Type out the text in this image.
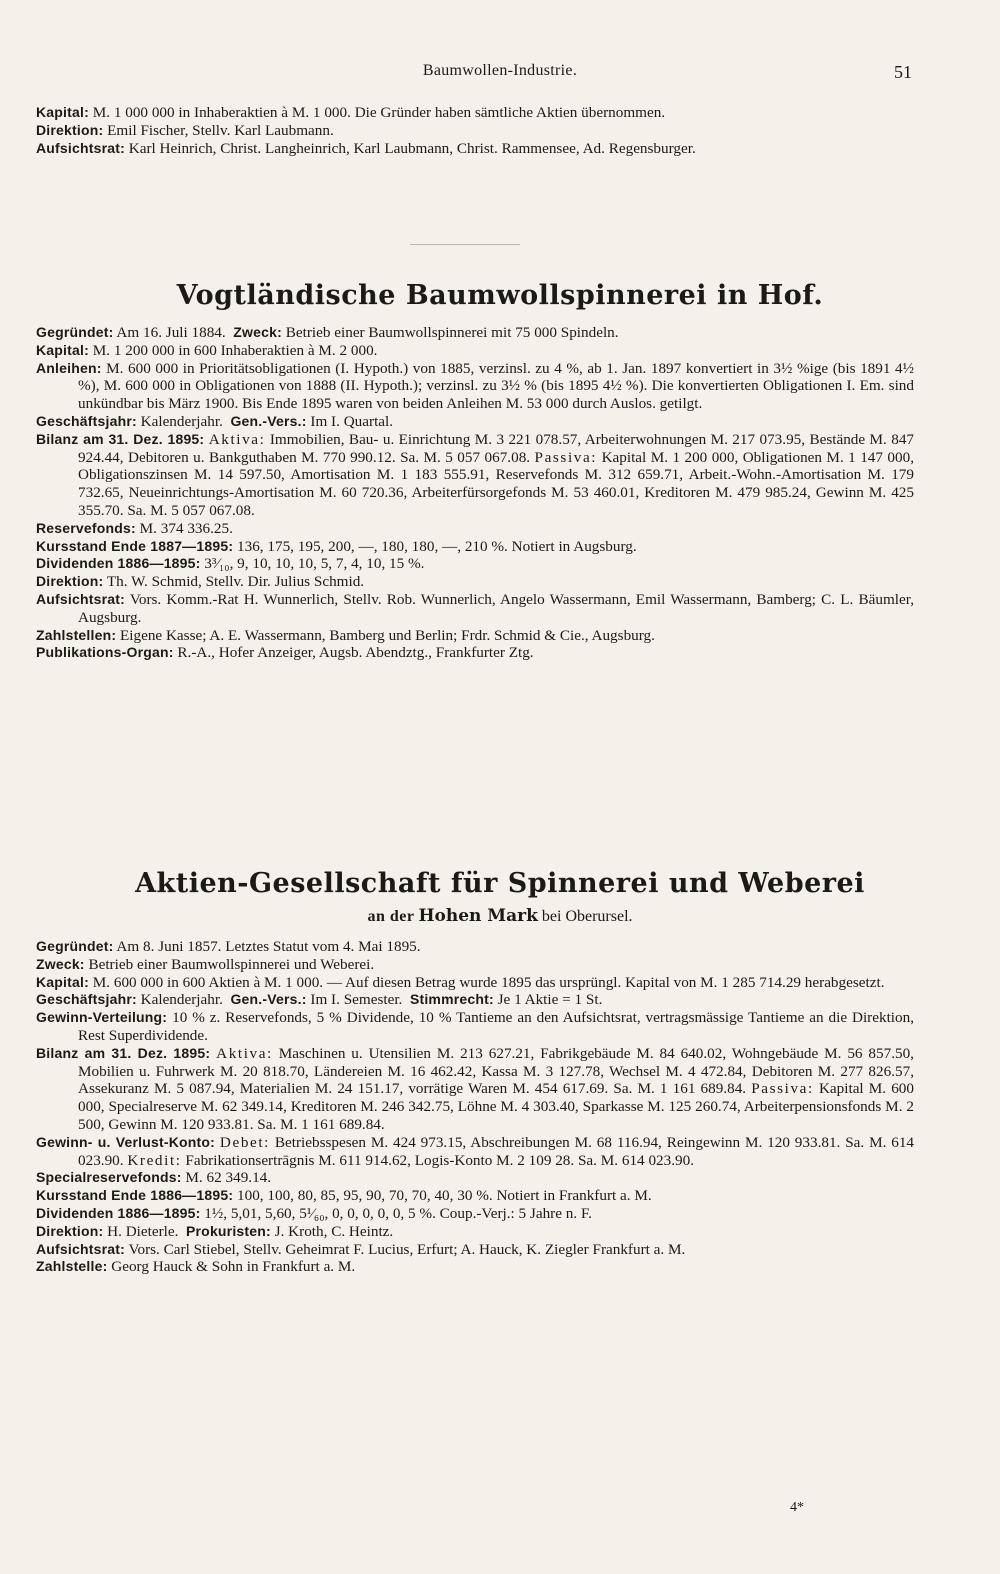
Baumwollen-Industrie.	51

Kapital: M. 1 000 000 in Inhaberaktien à M. 1 000. Die Gründer haben sämtliche Aktien übernommen.

Direktion: Emil Fischer, Stellv. Karl Laubmann.

Aufsichtsrat: Karl Heinrich, Christ. Langheinrich, Karl Laubmann, Christ. Rammensee, Ad. Regensburger.

Vogtländische Baumwollspinnerei in Hof.

Gegründet: Am 16. Juli 1884. Zweck: Betrieb einer Baumwollspinnerei mit 75 000 Spindeln.

Kapital: M. 1 200 000 in 600 Inhaberaktien à M. 2 000.

Anleihen: M. 600 000 in Prioritätsobligationen (I. Hypoth.) von 1885, verzinsl. zu 4 %, ab 1. Jan. 1897 konvertiert in 3½ %ige (bis 1891 4½ %), M. 600 000 in Obligationen von 1888 (II. Hypoth.); verzinsl. zu 3½ % (bis 1895 4½ %). Die konvertierten Obligationen I. Em. sind unkündbar bis März 1900. Bis Ende 1895 waren von beiden Anleihen M. 53 000 durch Auslos. getilgt.

Geschäftsjahr: Kalenderjahr. Gen.-Vers.: Im I. Quartal.

Bilanz am 31. Dez. 1895: Aktiva: Immobilien, Bau- u. Einrichtung M. 3 221 078.57, Arbeiterwohnungen M. 217 073.95, Bestände M. 847 924.44, Debitoren u. Bankguthaben M. 770 990.12. Sa. M. 5 057 067.08. Passiva: Kapital M. 1 200 000, Obligationen M. 1 147 000, Obligationszinsen M. 14 597.50, Amortisation M. 1 183 555.91, Reservefonds M. 312 659.71, Arbeit.-Wohn.-Amortisation M. 179 732.65, Neueinrichtungs-Amortisation M. 60 720.36, Arbeiterfürsorgefonds M. 53 460.01, Kreditoren M. 479 985.24, Gewinn M. 425 355.70. Sa. M. 5 057 067.08.

Reservefonds: M. 374 336.25.

Kursstand Ende 1887—1895: 136, 175, 195, 200, —, 180, 180, —, 210 %. Notiert in Augsburg.

Dividenden 1886—1895: 3³⁄₁₀, 9, 10, 10, 10, 5, 7, 4, 10, 15 %.

Direktion: Th. W. Schmid, Stellv. Dir. Julius Schmid.

Aufsichtsrat: Vors. Komm.-Rat H. Wunnerlich, Stellv. Rob. Wunnerlich, Angelo Wassermann, Emil Wassermann, Bamberg; C. L. Bäumler, Augsburg.

Zahlstellen: Eigene Kasse; A. E. Wassermann, Bamberg und Berlin; Frdr. Schmid & Cie., Augsburg.

Publikations-Organ: R.-A., Hofer Anzeiger, Augsb. Abendztg., Frankfurter Ztg.

Aktien-Gesellschaft für Spinnerei und Weberei
an der Hohen Mark bei Oberursel.

Gegründet: Am 8. Juni 1857. Letztes Statut vom 4. Mai 1895.

Zweck: Betrieb einer Baumwollspinnerei und Weberei.

Kapital: M. 600 000 in 600 Aktien à M. 1 000. — Auf diesen Betrag wurde 1895 das ursprüngl. Kapital von M. 1 285 714.29 herabgesetzt.

Geschäftsjahr: Kalenderjahr. Gen.-Vers.: Im I. Semester. Stimmrecht: Je 1 Aktie = 1 St.

Gewinn-Verteilung: 10 % z. Reservefonds, 5 % Dividende, 10 % Tantieme an den Aufsichtsrat, vertragsmässige Tantieme an die Direktion, Rest Superdividende.

Bilanz am 31. Dez. 1895: Aktiva: Maschinen u. Utensilien M. 213 627.21, Fabrikgebäude M. 84 640.02, Wohngebäude M. 56 857.50, Mobilien u. Fuhrwerk M. 20 818.70, Ländereien M. 16 462.42, Kassa M. 3 127.78, Wechsel M. 4 472.84, Debitoren M. 277 826.57, Assekuranz M. 5 087.94, Materialien M. 24 151.17, vorrätige Waren M. 454 617.69. Sa. M. 1 161 689.84. Passiva: Kapital M. 600 000, Specialreserve M. 62 349.14, Kreditoren M. 246 342.75, Löhne M. 4 303.40, Sparkasse M. 125 260.74, Arbeiterpensionsfonds M. 2 500, Gewinn M. 120 933.81. Sa. M. 1 161 689.84.

Gewinn- u. Verlust-Konto: Debet: Betriebsspesen M. 424 973.15, Abschreibungen M. 68 116.94, Reingewinn M. 120 933.81. Sa. M. 614 023.90. Kredit: Fabrikationsertrāgnis M. 611 914.62, Logis-Konto M. 2 109 28. Sa. M. 614 023.90.

Specialreservefonds: M. 62 349.14.

Kursstand Ende 1886—1895: 100, 100, 80, 85, 95, 90, 70, 70, 40, 30 %. Notiert in Frankfurt a. M.

Dividenden 1886—1895: 1½, 5,01, 5,60, 5¹⁄₆₀, 0, 0, 0, 0, 0, 5 %. Coup.-Verj.: 5 Jahre n. F.

Direktion: H. Dieterle. Prokuristen: J. Kroth, C. Heintz.

Aufsichtsrat: Vors. Carl Stiebel, Stellv. Geheimrat F. Lucius, Erfurt; A. Hauck, K. Ziegler Frankfurt a. M.

Zahlstelle: Georg Hauck & Sohn in Frankfurt a. M.

4*
